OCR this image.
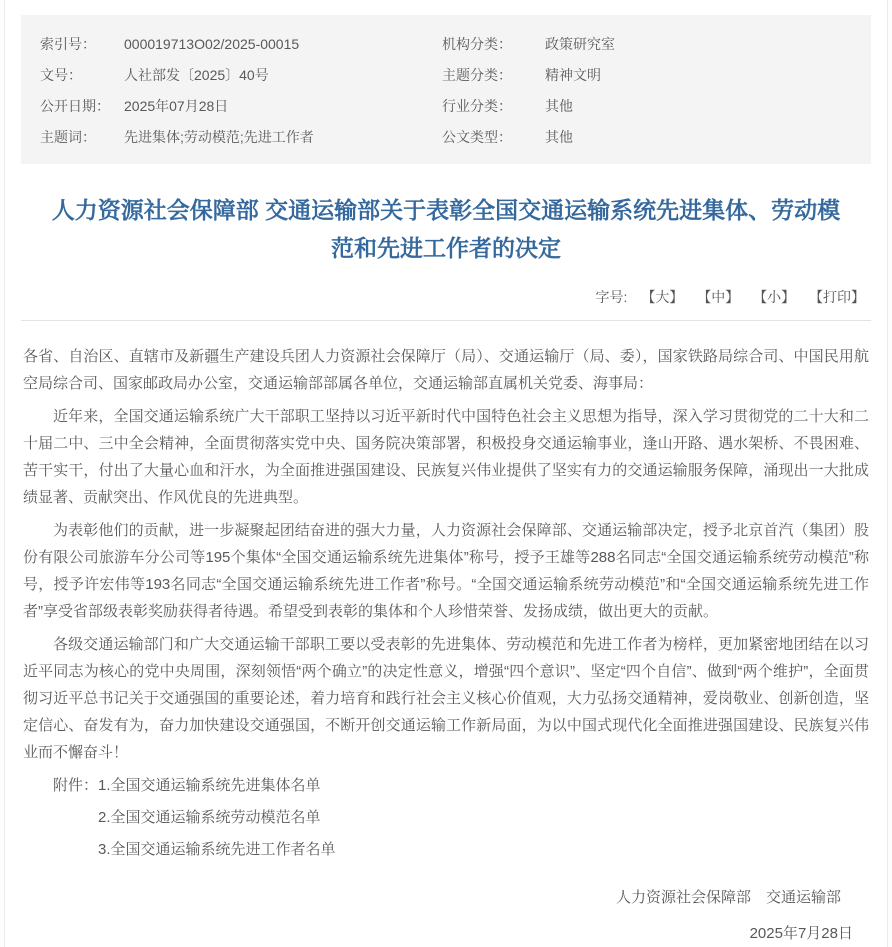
索引号：	000019713O02/2025-00015	机构分类：	政策研究室
文号：	人社部发〔2025〕40号	主题分类：	精神文明
公开日期：	2025年07月28日	行业分类：	其他
主题词：	先进集体;劳动模范;先进工作者	公文类型：	其他
人力资源社会保障部 交通运输部关于表彰全国交通运输系统先进集体、劳动模范和先进工作者的决定
字号: 【大】 【中】 【小】 【打印】

各省、自治区、直辖市及新疆生产建设兵团人力资源社会保障厅（局）、交通运输厅（局、委），国家铁路局综合司、中国民用航空局综合司、国家邮政局办公室，交通运输部部属各单位，交通运输部直属机关党委、海事局：

近年来，全国交通运输系统广大干部职工坚持以习近平新时代中国特色社会主义思想为指导，深入学习贯彻党的二十大和二十届二中、三中全会精神，全面贯彻落实党中央、国务院决策部署，积极投身交通运输事业，逢山开路、遇水架桥、不畏困难、苦干实干，付出了大量心血和汗水，为全面推进强国建设、民族复兴伟业提供了坚实有力的交通运输服务保障，涌现出一大批成绩显著、贡献突出、作风优良的先进典型。

为表彰他们的贡献，进一步凝聚起团结奋进的强大力量，人力资源社会保障部、交通运输部决定，授予北京首汽（集团）股份有限公司旅游车分公司等195个集体“全国交通运输系统先进集体”称号，授予王雄等288名同志“全国交通运输系统劳动模范”称号，授予许宏伟等193名同志“全国交通运输系统先进工作者”称号。“全国交通运输系统劳动模范”和“全国交通运输系统先进工作者”享受省部级表彰奖励获得者待遇。希望受到表彰的集体和个人珍惜荣誉、发扬成绩，做出更大的贡献。

各级交通运输部门和广大交通运输干部职工要以受表彰的先进集体、劳动模范和先进工作者为榜样，更加紧密地团结在以习近平同志为核心的党中央周围，深刻领悟“两个确立”的决定性意义，增强“四个意识”、坚定“四个自信”、做到“两个维护”，全面贯彻习近平总书记关于交通强国的重要论述，着力培育和践行社会主义核心价值观，大力弘扬交通精神，爱岗敬业、创新创造，坚定信心、奋发有为，奋力加快建设交通强国，不断开创交通运输工作新局面，为以中国式现代化全面推进强国建设、民族复兴伟业而不懈奋斗！

附件： 1.全国交通运输系统先进集体名单
2.全国交通运输系统劳动模范名单
3.全国交通运输系统先进工作者名单
人力资源社会保障部　交通运输部
2025年7月28日
